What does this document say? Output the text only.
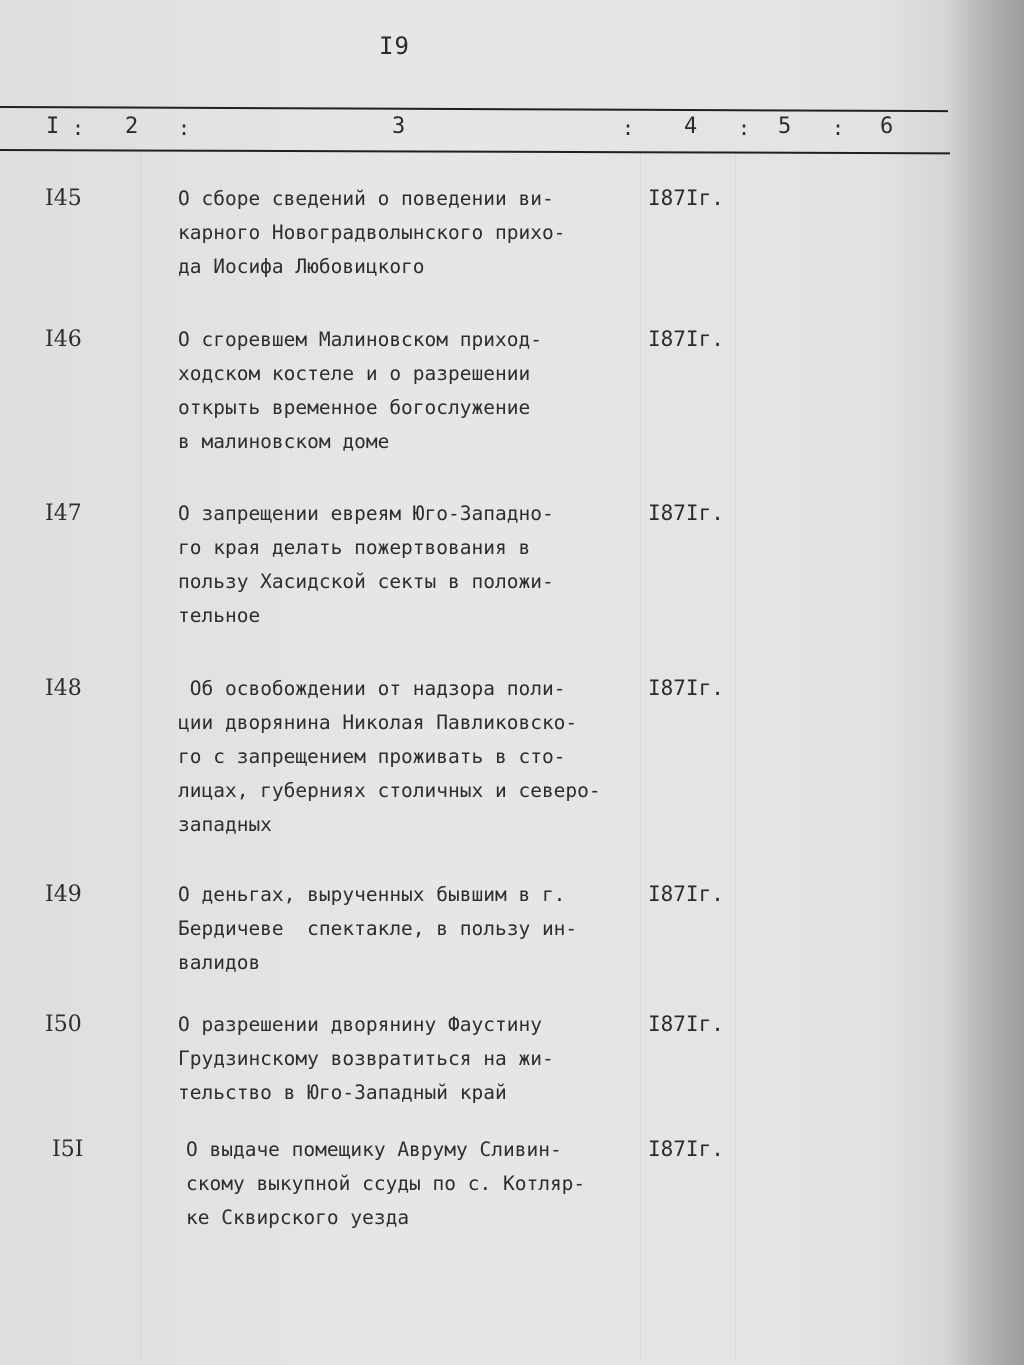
I9
I : 2 :	3	: 4 : 5 : 6
I45	О сборе сведений о поведении ви-
карного Новоградволынского прихо-
да Иосифа Любовицкого
I87Iг.
I46	О сгоревшем Малиновском приход-
ходском костеле и о разрешении
открыть временное богослужение
в малиновском доме
I87Iг.
I47	О запрещении евреям Юго-Западно-
го края делать пожертвования в
пользу Хасидской секты в положи-
тельное
I87Iг.
I48	Об освобождении от надзора поли-
ции дворянина Николая Павликовско-
го с запрещением проживать в сто-
лицах, губерниях столичных и северо-
западных
I87Iг.
I49	О деньгах, вырученных бывшим в г.
Бердичеве  спектакле, в пользу ин-
валидов
I87Iг.
I50	О разрешении дворянину Фаустину
Грудзинскому возвратиться на жи-
тельство в Юго-Западный край
I87Iг.
I5I	О выдаче помещику Авруму Сливин-
скому выкупной ссуды по с. Котляр-
ке Сквирского уезда
I87Iг.
